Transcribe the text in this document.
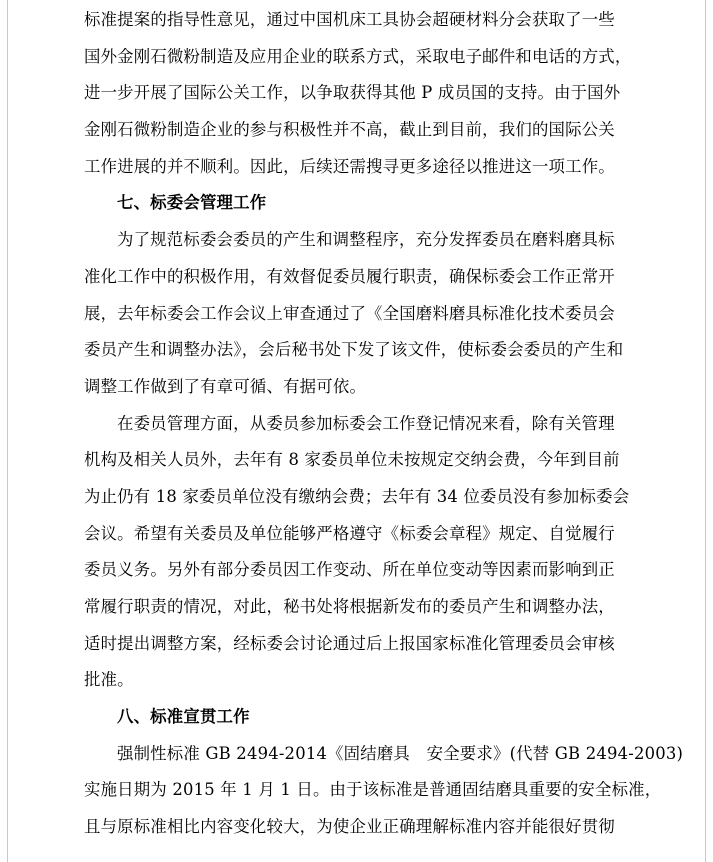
标准提案的指导性意见，通过中国机床工具协会超硬材料分会获取了一些
国外金刚石微粉制造及应用企业的联系方式，采取电子邮件和电话的方式，
进一步开展了国际公关工作，以争取获得其他 P 成员国的支持。由于国外
金刚石微粉制造企业的参与积极性并不高，截止到目前，我们的国际公关
工作进展的并不顺利。因此，后续还需搜寻更多途径以推进这一项工作。
七、标委会管理工作
为了规范标委会委员的产生和调整程序，充分发挥委员在磨料磨具标
准化工作中的积极作用，有效督促委员履行职责，确保标委会工作正常开
展，去年标委会工作会议上审查通过了《全国磨料磨具标准化技术委员会
委员产生和调整办法》，会后秘书处下发了该文件，使标委会委员的产生和
调整工作做到了有章可循、有据可依。
在委员管理方面，从委员参加标委会工作登记情况来看，除有关管理
机构及相关人员外，去年有 8 家委员单位未按规定交纳会费，今年到目前
为止仍有 18 家委员单位没有缴纳会费；去年有 34 位委员没有参加标委会
会议。希望有关委员及单位能够严格遵守《标委会章程》规定、自觉履行
委员义务。另外有部分委员因工作变动、所在单位变动等因素而影响到正
常履行职责的情况，对此，秘书处将根据新发布的委员产生和调整办法，
适时提出调整方案，经标委会讨论通过后上报国家标准化管理委员会审核
批准。
八、标准宣贯工作
强制性标准 GB 2494-2014《固结磨具　安全要求》(代替 GB 2494-2003)
实施日期为 2015 年 1 月 1 日。由于该标准是普通固结磨具重要的安全标准，
且与原标准相比内容变化较大，为使企业正确理解标准内容并能很好贯彻
